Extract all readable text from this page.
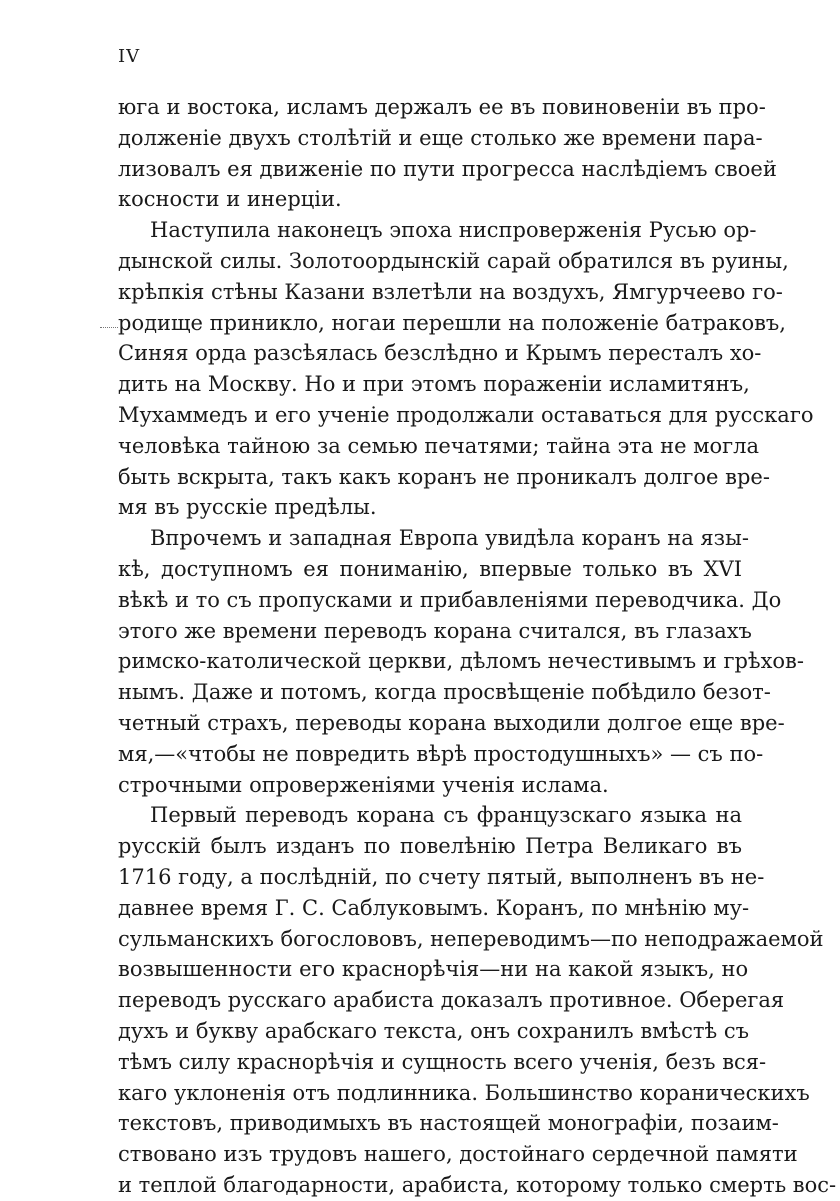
IV
юга и востока, исламъ держалъ ее въ повиновеніи въ про-
долженіе двухъ столѣтій и еще столько же времени пара-
лизовалъ ея движеніе по пути прогресса наслѣдіемъ своей
косности и инерціи.
Наступила наконецъ эпоха ниспроверженія Русью ор-
дынской силы. Золотоордынскій сарай обратился въ руины,
крѣпкія стѣны Казани взлетѣли на воздухъ, Ямгурчеево го-
родище приникло, ногаи перешли на положеніе батраковъ,
Синяя орда разсѣялась безслѣдно и Крымъ пересталъ хо-
дить на Москву. Но и при этомъ пораженіи исламитянъ,
Мухаммедъ и его ученіе продолжали оставаться для русскаго
человѣка тайною за семью печатями; тайна эта не могла
быть вскрыта, такъ какъ коранъ не проникалъ долгое вре-
мя въ русскіе предѣлы.
Впрочемъ и западная Европа увидѣла коранъ на язы-
кѣ, доступномъ ея пониманію, впервые только въ XVI
вѣкѣ и то съ пропусками и прибавленіями переводчика. До
этого же времени переводъ корана считался, въ глазахъ
римско-католической церкви, дѣломъ нечестивымъ и грѣхов-
нымъ. Даже и потомъ, когда просвѣщеніе побѣдило безот-
четный страхъ, переводы корана выходили долгое еще вре-
мя,—«чтобы не повредить вѣрѣ простодушныхъ» — съ по-
строчными опроверженіями ученія ислама.
Первый переводъ корана съ французскаго языка на
русскій былъ изданъ по повелѣнію Петра Великаго въ
1716 году, а послѣдній, по счету пятый, выполненъ въ не-
давнее время Г. С. Саблуковымъ. Коранъ, по мнѣнію му-
сульманскихъ богослововъ, непереводимъ—по неподражаемой
возвышенности его краснорѣчія—ни на какой языкъ, но
переводъ русскаго арабиста доказалъ противное. Оберегая
духъ и букву арабскаго текста, онъ сохранилъ вмѣстѣ съ
тѣмъ силу краснорѣчія и сущность всего ученія, безъ вся-
каго уклоненія отъ подлинника. Большинство кораническихъ
текстовъ, приводимыхъ въ настоящей монографіи, позаим-
ствовано изъ трудовъ нашего, достойнаго сердечной памяти
и теплой благодарности, арабиста, которому только смерть вос-
